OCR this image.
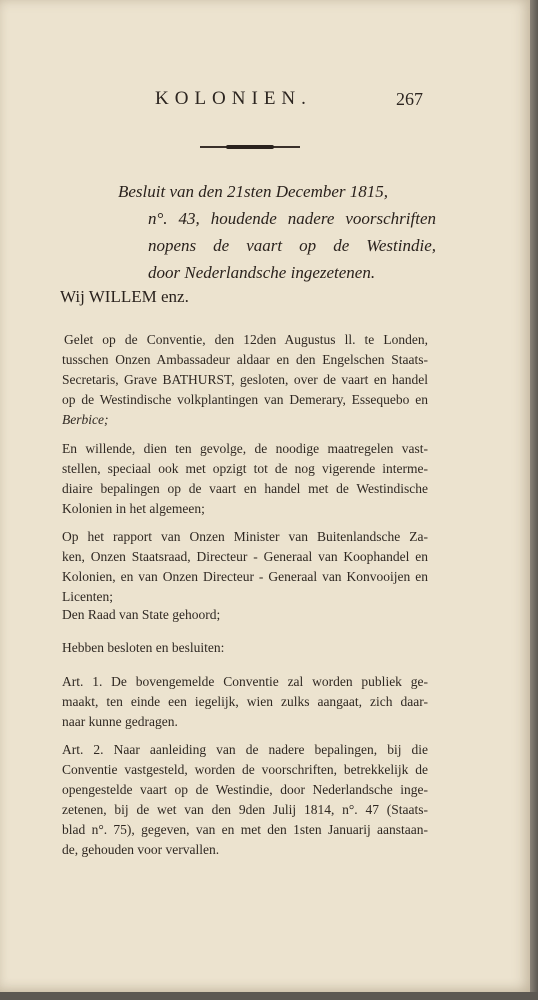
KOLONIEN.	267
Besluit van den 21sten December 1815,
n°. 43, houdende nadere voorschriften
nopens de vaart op de Westindie,
door Nederlandsche ingezetenen.
Wij WILLEM enz.
Gelet op de Conventie, den 12den Augustus ll. te Londen,
tusschen Onzen Ambassadeur aldaar en den Engelschen Staats-
Secretaris, Grave BATHURST, gesloten, over de vaart en handel
op de Westindische volkplantingen van Demerary, Essequebo en
Berbice;
En willende, dien ten gevolge, de noodige maatregelen vast-
stellen, speciaal ook met opzigt tot de nog vigerende interme-
diaire bepalingen op de vaart en handel met de Westindische
Kolonien in het algemeen;
Op het rapport van Onzen Minister van Buitenlandsche Za-
ken, Onzen Staatsraad, Directeur - Generaal van Koophandel en
Kolonien, en van Onzen Directeur - Generaal van Konvooijen en
Licenten;
Den Raad van State gehoord;
Hebben besloten en besluiten:
Art. 1. De bovengemelde Conventie zal worden publiek ge-
maakt, ten einde een iegelijk, wien zulks aangaat, zich daar-
naar kunne gedragen.
Art. 2. Naar aanleiding van de nadere bepalingen, bij die
Conventie vastgesteld, worden de voorschriften, betrekkelijk de
opengestelde vaart op de Westindie, door Nederlandsche inge-
zetenen, bij de wet van den 9den Julij 1814, n°. 47 (Staats-
blad n°. 75), gegeven, van en met den 1sten Januarij aanstaan-
de, gehouden voor vervallen.
